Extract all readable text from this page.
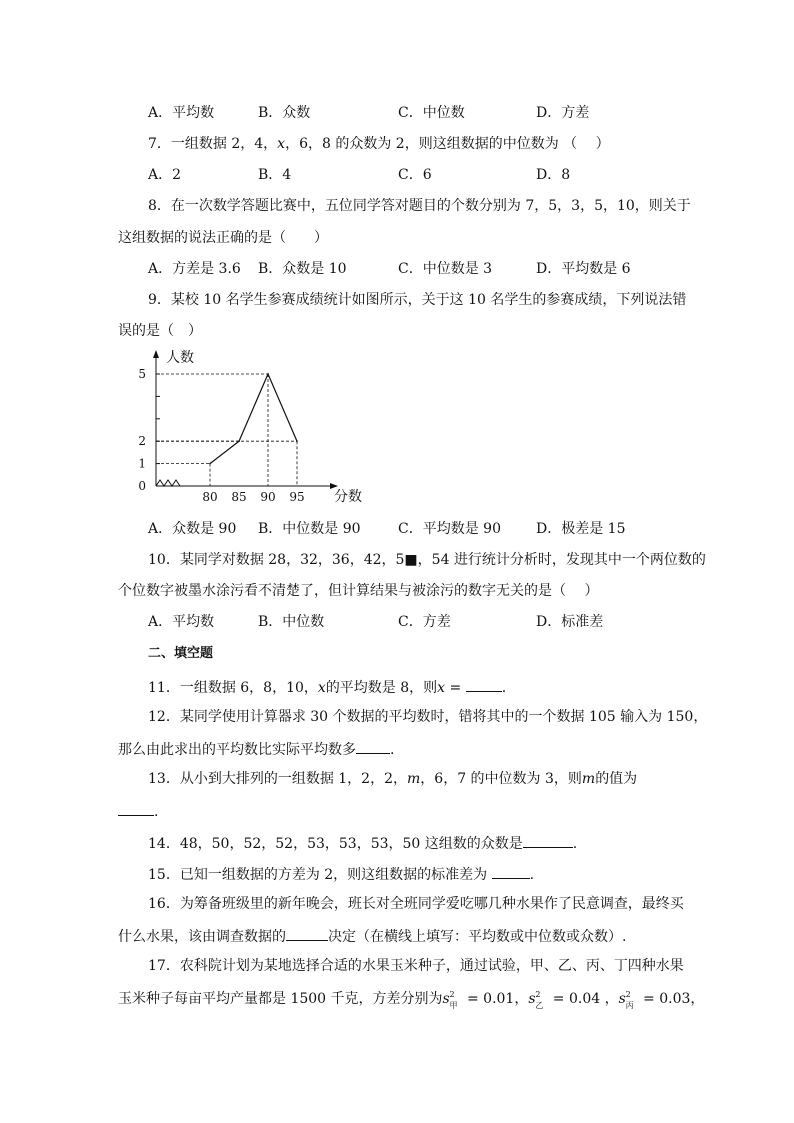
A．平均数	B．众数	C．中位数	D．方差
7．一组数据 2，4，x，6，8 的众数为 2，则这组数据的中位数为 （　 ）
A．2	B．4	C．6	D．8
8．在一次数学答题比赛中，五位同学答对题目的个数分别为 7，5，3，5，10，则关于
这组数据的说法正确的是（　　）
A．方差是 3.6 B．众数是 10	C．中位数是 3	D．平均数是 6
9．某校 10 名学生参赛成绩统计如图所示，关于这 10 名学生的参赛成绩，下列说法错
误的是（　）
人数
分数
0
1
2
5
80 85 90 95
A．众数是 90 B．中位数是 90	C．平均数是 90	D．极差是 15
10．某同学对数据 28，32，36，42，5■，54 进行统计分析时，发现其中一个两位数的
个位数字被墨水涂污看不清楚了，但计算结果与被涂污的数字无关的是（　 ）
A．平均数	B．中位数	C．方差	D．标准差
二、填空题
11．一组数据 6，8，10，x的平均数是 8，则x =	.
12．某同学使用计算器求 30 个数据的平均数时，错将其中的一个数据 105 输入为 150，
那么由此求出的平均数比实际平均数多 .
13．从小到大排列的一组数据 1，2，2，m，6，7 的中位数为 3，则m的值为
.
14．48，50，52，52，53，53，53，50 这组数的众数是	.
15．已知一组数据的方差为 2，则这组数据的标准差为	.
16．为筹备班级里的新年晚会，班长对全班同学爱吃哪几种水果作了民意调查，最终买
什么水果，该由调查数据的	决定（在横线上填写：平均数或中位数或众数）.
17．农科院计划为某地选择合适的水果玉米种子，通过试验，甲、乙、丙、丁四种水果
玉米种子每亩平均产量都是 1500 千克，方差分别为 s 2
甲 = 0.01， s 2
乙 = 0.04 ， s 2
丙 = 0.03，
